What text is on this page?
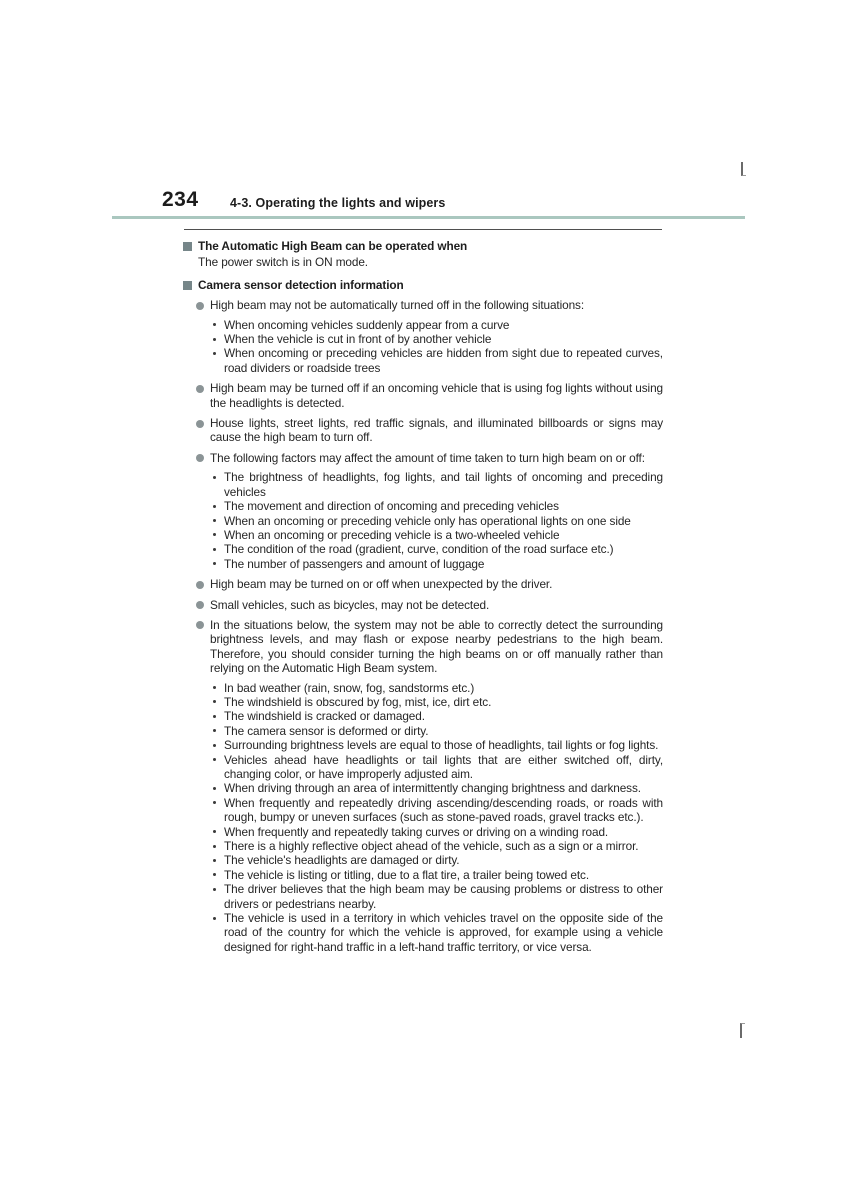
234	4-3. Operating the lights and wipers
The Automatic High Beam can be operated when
The power switch is in ON mode.
Camera sensor detection information
High beam may not be automatically turned off in the following situations:
When oncoming vehicles suddenly appear from a curve
When the vehicle is cut in front of by another vehicle
When oncoming or preceding vehicles are hidden from sight due to repeated curves, road dividers or roadside trees
High beam may be turned off if an oncoming vehicle that is using fog lights without using the headlights is detected.
House lights, street lights, red traffic signals, and illuminated billboards or signs may cause the high beam to turn off.
The following factors may affect the amount of time taken to turn high beam on or off:
The brightness of headlights, fog lights, and tail lights of oncoming and preceding vehicles
The movement and direction of oncoming and preceding vehicles
When an oncoming or preceding vehicle only has operational lights on one side
When an oncoming or preceding vehicle is a two-wheeled vehicle
The condition of the road (gradient, curve, condition of the road surface etc.)
The number of passengers and amount of luggage
High beam may be turned on or off when unexpected by the driver.
Small vehicles, such as bicycles, may not be detected.
In the situations below, the system may not be able to correctly detect the surrounding brightness levels, and may flash or expose nearby pedestrians to the high beam. Therefore, you should consider turning the high beams on or off manually rather than relying on the Automatic High Beam system.
In bad weather (rain, snow, fog, sandstorms etc.)
The windshield is obscured by fog, mist, ice, dirt etc.
The windshield is cracked or damaged.
The camera sensor is deformed or dirty.
Surrounding brightness levels are equal to those of headlights, tail lights or fog lights.
Vehicles ahead have headlights or tail lights that are either switched off, dirty, changing color, or have improperly adjusted aim.
When driving through an area of intermittently changing brightness and darkness.
When frequently and repeatedly driving ascending/descending roads, or roads with rough, bumpy or uneven surfaces (such as stone-paved roads, gravel tracks etc.).
When frequently and repeatedly taking curves or driving on a winding road.
There is a highly reflective object ahead of the vehicle, such as a sign or a mirror.
The vehicle's headlights are damaged or dirty.
The vehicle is listing or titling, due to a flat tire, a trailer being towed etc.
The driver believes that the high beam may be causing problems or distress to other drivers or pedestrians nearby.
The vehicle is used in a territory in which vehicles travel on the opposite side of the road of the country for which the vehicle is approved, for example using a vehicle designed for right-hand traffic in a left-hand traffic territory, or vice versa.
